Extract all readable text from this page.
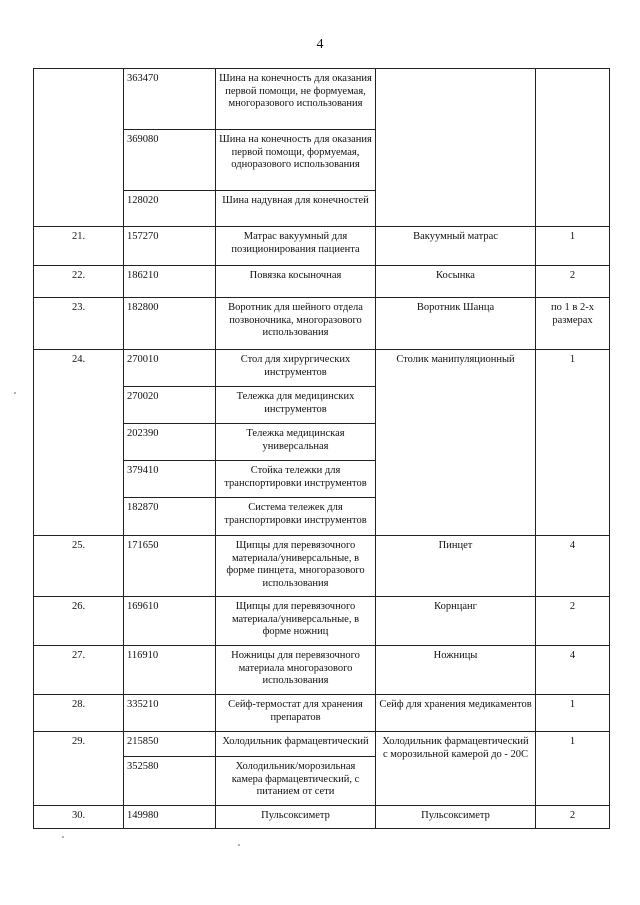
4
	363470	Шина на конечность для оказания первой помощи, не формуемая, многоразового использования		
	369080	Шина на конечность для оказания первой помощи, формуемая, одноразового использования		
	128020	Шина надувная для конечностей		
21.	157270	Матрас вакуумный для позиционирования пациента	Вакуумный матрас	1
22.	186210	Повязка косыночная	Косынка	2
23.	182800	Воротник для шейного отдела позвоночника, многоразового использования	Воротник Шанца	по 1 в 2-х размерах
24.	270010	Стол для хирургических инструментов	Столик манипуляционный	1
	270020	Тележка для медицинских инструментов		
	202390	Тележка медицинская универсальная		
	379410	Стойка тележки для транспортировки инструментов		
	182870	Система тележек для транспортировки инструментов		
25.	171650	Щипцы для перевязочного материала/универсальные, в форме пинцета, многоразового использования	Пинцет	4
26.	169610	Щипцы для перевязочного материала/универсальные, в форме ножниц	Корнцанг	2
27.	116910	Ножницы для перевязочного материала многоразового использования	Ножницы	4
28.	335210	Сейф-термостат для хранения препаратов	Сейф для хранения медикаментов	1
29.	215850	Холодильник фармацевтический	Холодильник фармацевтический с морозильной камерой до - 20С	1
	352580	Холодильник/морозильная камера фармацевтический, с питанием от сети		
30.	149980	Пульсоксиметр	Пульсоксиметр	2
